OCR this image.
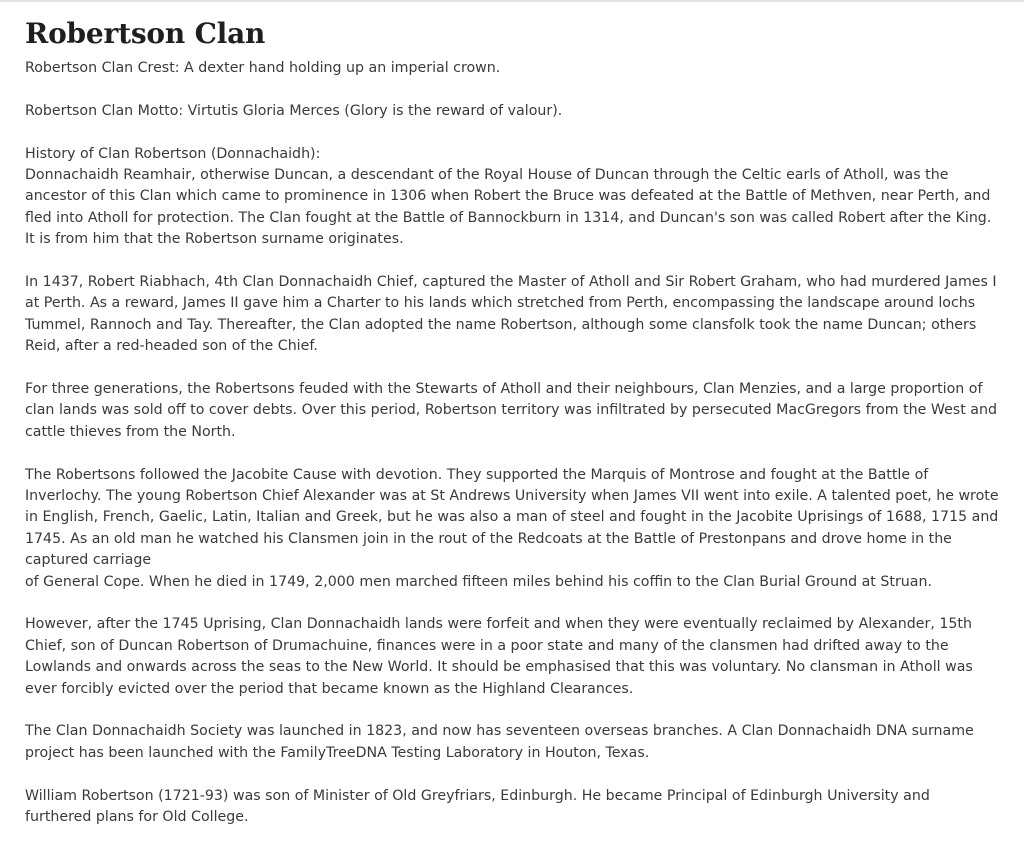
Robertson Clan

Robertson Clan Crest: A dexter hand holding up an imperial crown.

Robertson Clan Motto: Virtutis Gloria Merces (Glory is the reward of valour).

History of Clan Robertson (Donnachaidh):
Donnachaidh Reamhair, otherwise Duncan, a descendant of the Royal House of Duncan through the Celtic earls of Atholl, was the ancestor of this Clan which came to prominence in 1306 when Robert the Bruce was defeated at the Battle of Methven, near Perth, and fled into Atholl for protection. The Clan fought at the Battle of Bannockburn in 1314, and Duncan's son was called Robert after the King. It is from him that the Robertson surname originates.

In 1437, Robert Riabhach, 4th Clan Donnachaidh Chief, captured the Master of Atholl and Sir Robert Graham, who had murdered James I at Perth. As a reward, James II gave him a Charter to his lands which stretched from Perth, encompassing the landscape around lochs Tummel, Rannoch and Tay. Thereafter, the Clan adopted the name Robertson, although some clansfolk took the name Duncan; others Reid, after a red-headed son of the Chief.

For three generations, the Robertsons feuded with the Stewarts of Atholl and their neighbours, Clan Menzies, and a large proportion of clan lands was sold off to cover debts. Over this period, Robertson territory was infiltrated by persecuted MacGregors from the West and cattle thieves from the North.

The Robertsons followed the Jacobite Cause with devotion. They supported the Marquis of Montrose and fought at the Battle of Inverlochy. The young Robertson Chief Alexander was at St Andrews University when James VII went into exile. A talented poet, he wrote in English, French, Gaelic, Latin, Italian and Greek, but he was also a man of steel and fought in the Jacobite Uprisings of 1688, 1715 and 1745. As an old man he watched his Clansmen join in the rout of the Redcoats at the Battle of Prestonpans and drove home in the captured carriage
of General Cope. When he died in 1749, 2,000 men marched fifteen miles behind his coffin to the Clan Burial Ground at Struan.

However, after the 1745 Uprising, Clan Donnachaidh lands were forfeit and when they were eventually reclaimed by Alexander, 15th Chief, son of Duncan Robertson of Drumachuine, finances were in a poor state and many of the clansmen had drifted away to the Lowlands and onwards across the seas to the New World. It should be emphasised that this was voluntary. No clansman in Atholl was ever forcibly evicted over the period that became known as the Highland Clearances.

The Clan Donnachaidh Society was launched in 1823, and now has seventeen overseas branches. A Clan Donnachaidh DNA surname project has been launched with the FamilyTreeDNA Testing Laboratory in Houton, Texas.

William Robertson (1721-93) was son of Minister of Old Greyfriars, Edinburgh. He became Principal of Edinburgh University and furthered plans for Old College.
